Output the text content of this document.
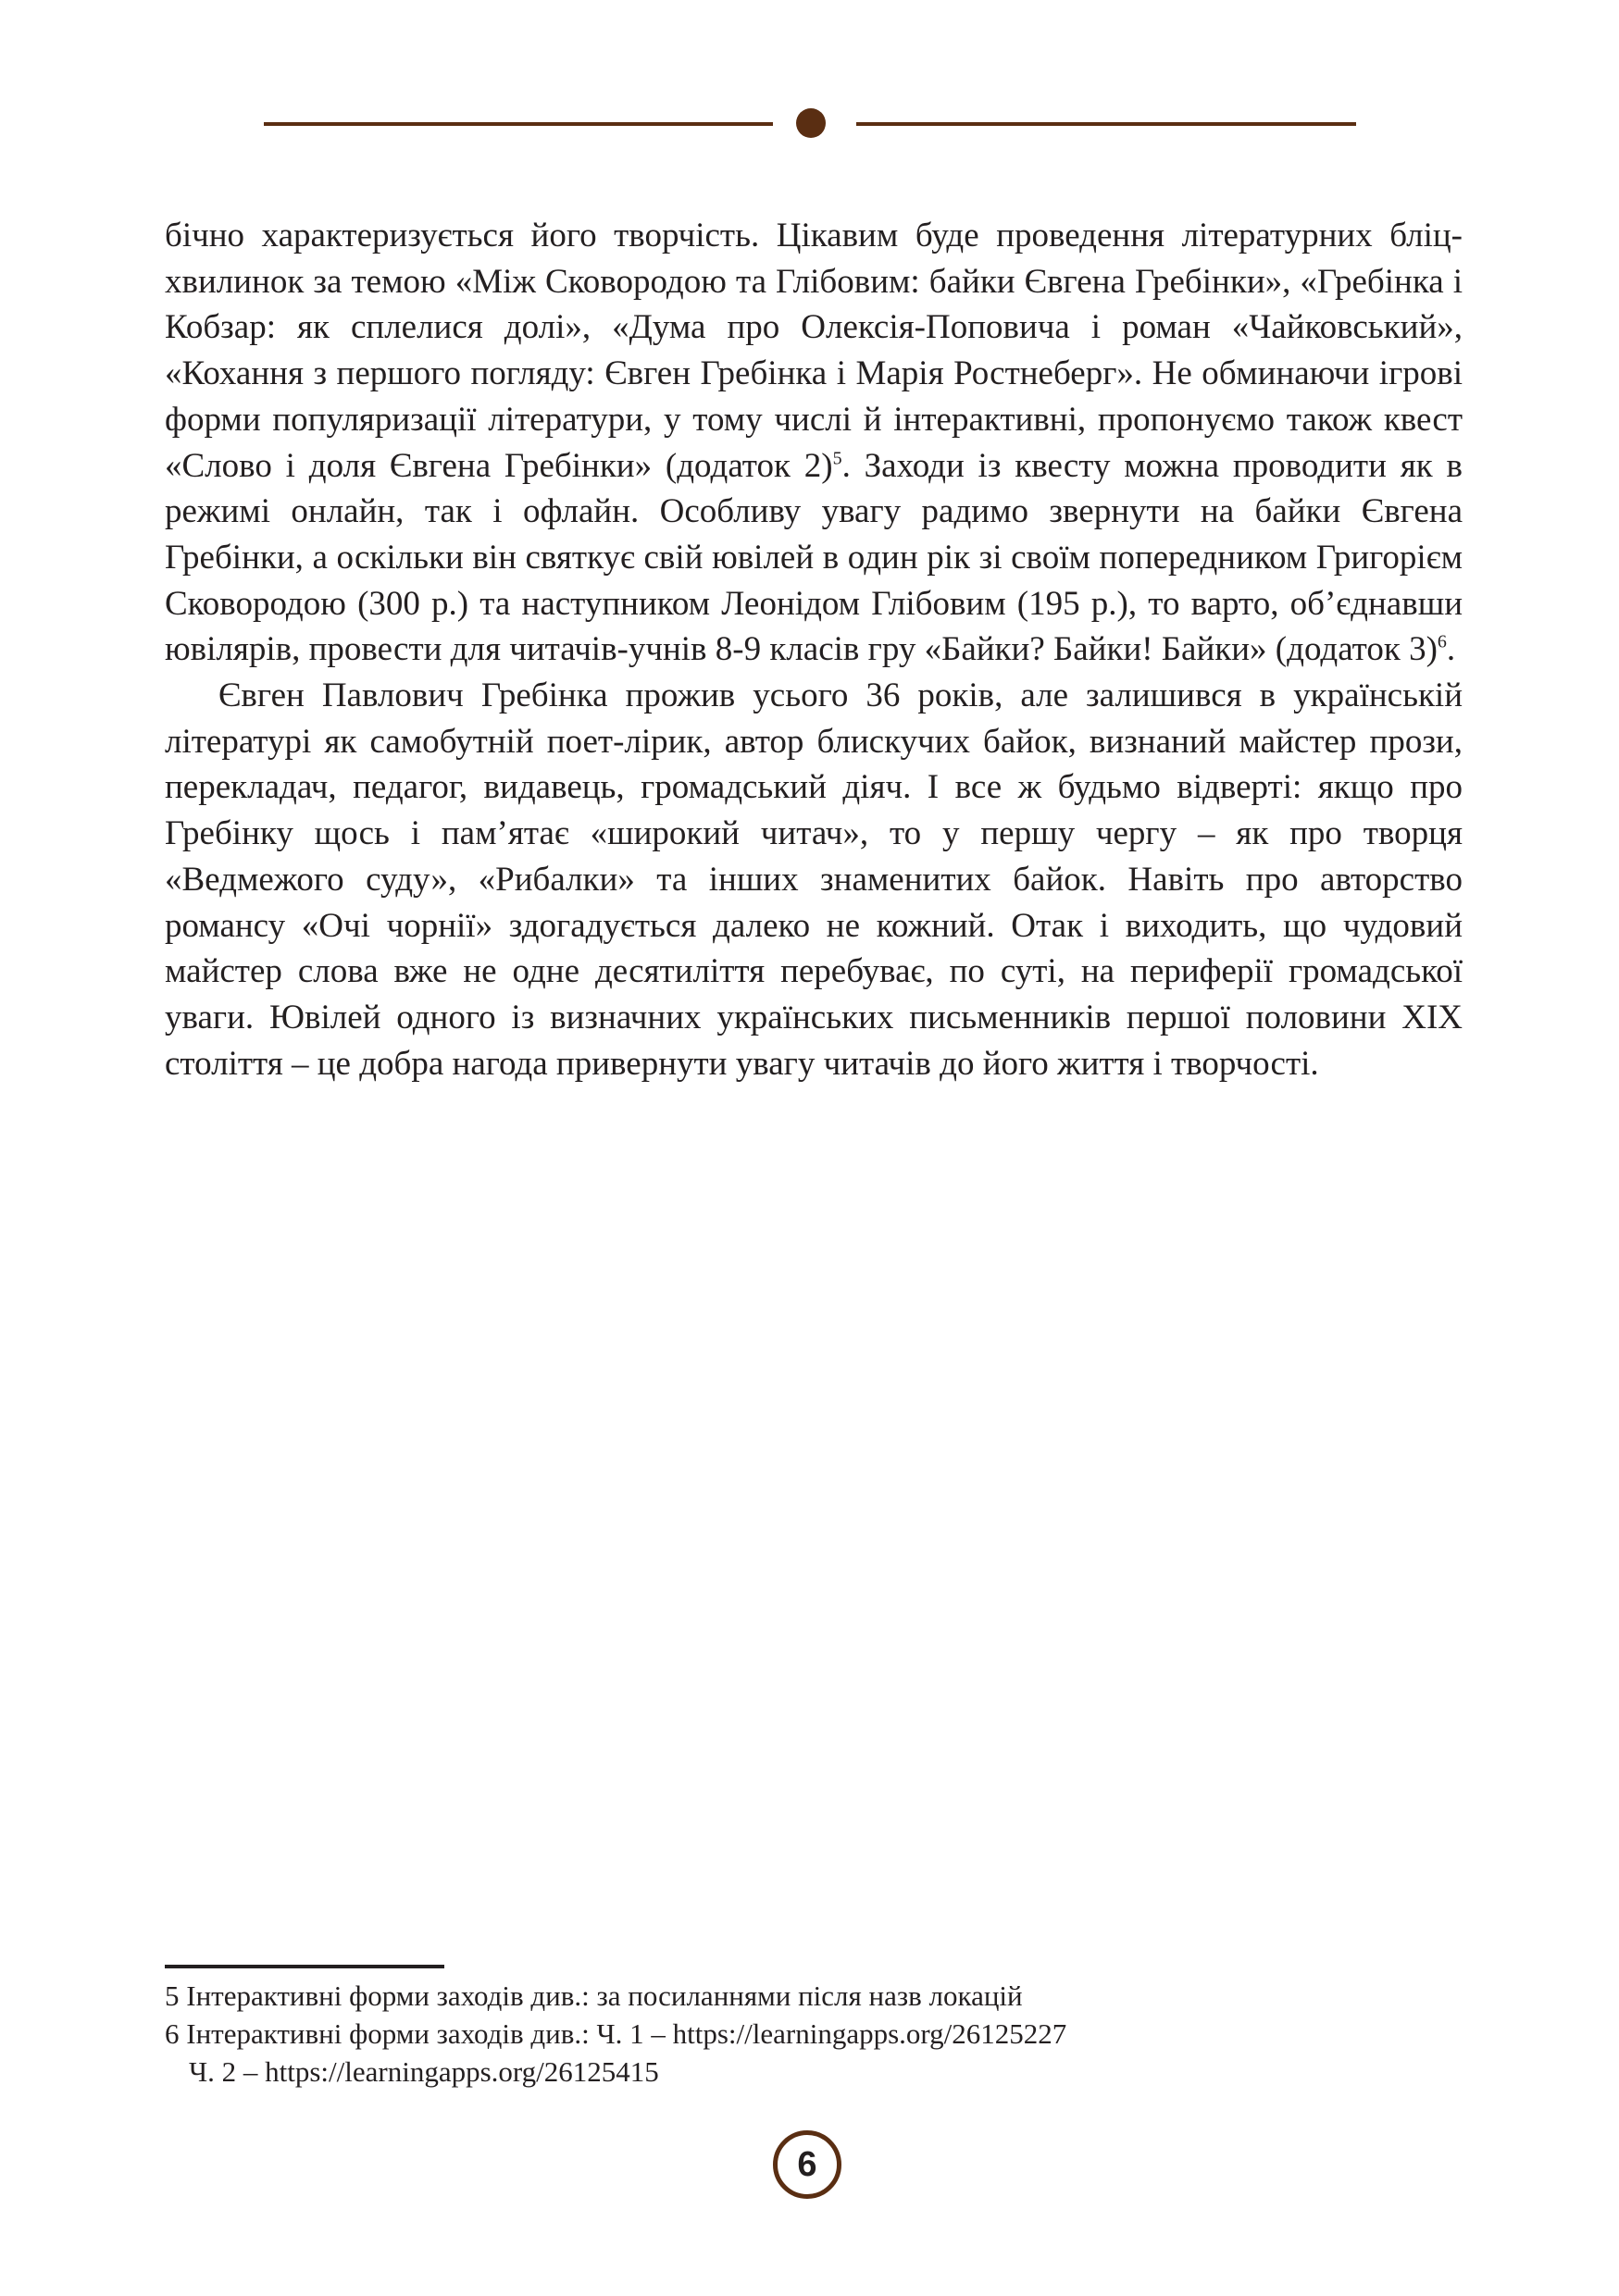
бічно характеризується його творчість. Цікавим буде проведення літературних бліц-хвилинок за темою «Між Сковородою та Глібовим: байки Євгена Гребінки», «Гребінка і Кобзар: як сплелися долі», «Дума про Олексія-Поповича і роман «Чайковський», «Кохання з першого погляду: Євген Гребінка і Марія Ростнеберг». Не обминаючи ігрові форми популяризації літератури, у тому числі й інтерактивні, пропонуємо також квест «Слово і доля Євгена Гребінки» (додаток 2)$^5$. Заходи із квесту можна проводити як в режимі онлайн, так і офлайн. Особливу увагу радимо звернути на байки Євгена Гребінки, а оскільки він святкує свій ювілей в один рік зі своїм попередником Григорієм Сковородою (300 р.) та наступником Леонідом Глібовим (195 р.), то варто, об’єднавши ювілярів, провести для читачів-учнів 8-9 класів гру «Байки? Байки! Байки» (додаток 3)$^6$.

Євген Павлович Гребінка прожив усього 36 років, але залишився в українській літературі як самобутній поет-лірик, автор блискучих байок, визнаний майстер прози, перекладач, педагог, видавець, громадський діяч. І все ж будьмо відверті: якщо про Гребінку щось і пам’ятає «широкий читач», то у першу чергу – як про творця «Ведмежого суду», «Рибалки» та інших знаменитих байок. Навіть про авторство романсу «Очі чорнії» здогадується далеко не кожний. Отак і виходить, що чудовий майстер слова вже не одне десятиліття перебуває, по суті, на периферії громадської уваги. Ювілей одного із визначних українських письменників першої половини ХІХ століття – це добра нагода привернути увагу читачів до його життя і творчості.

5 Інтерактивні форми заходів див.: за посиланнями після назв локацій

6 Інтерактивні форми заходів див.: Ч. 1 – https://learningapps.org/26125227

Ч. 2 – https://learningapps.org/26125415

6
